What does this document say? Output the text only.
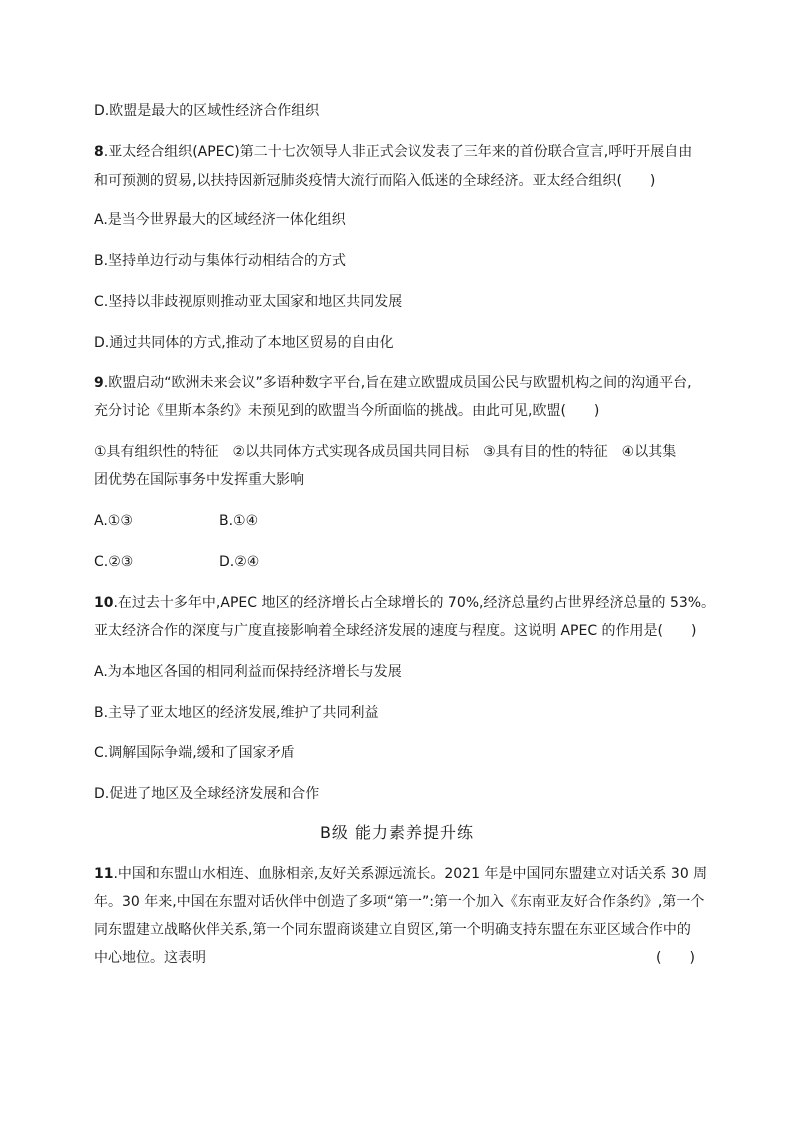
D.欧盟是最大的区域性经济合作组织
8.亚太经合组织(APEC)第二十七次领导人非正式会议发表了三年来的首份联合宣言,呼吁开展自由
和可预测的贸易,以扶持因新冠肺炎疫情大流行而陷入低迷的全球经济。亚太经合组织(　　)
A.是当今世界最大的区域经济一体化组织
B.坚持单边行动与集体行动相结合的方式
C.坚持以非歧视原则推动亚太国家和地区共同发展
D.通过共同体的方式,推动了本地区贸易的自由化
9.欧盟启动“欧洲未来会议”多语种数字平台,旨在建立欧盟成员国公民与欧盟机构之间的沟通平台,
充分讨论《里斯本条约》未预见到的欧盟当今所面临的挑战。由此可见,欧盟(　　)
①具有组织性的特征　②以共同体方式实现各成员国共同目标　③具有目的性的特征　④以其集
团优势在国际事务中发挥重大影响
A.①③	B.①④
C.②③	D.②④
10.在过去十多年中,APEC 地区的经济增长占全球增长的 70%,经济总量约占世界经济总量的 53%。
亚太经济合作的深度与广度直接影响着全球经济发展的速度与程度。这说明 APEC 的作用是(　　)
A.为本地区各国的相同利益而保持经济增长与发展
B.主导了亚太地区的经济发展,维护了共同利益
C.调解国际争端,缓和了国家矛盾
D.促进了地区及全球经济发展和合作
B级 能力素养提升练
11.中国和东盟山水相连、血脉相亲,友好关系源远流长。2021 年是中国同东盟建立对话关系 30 周
年。30 年来,中国在东盟对话伙伴中创造了多项“第一”:第一个加入《东南亚友好合作条约》,第一个
同东盟建立战略伙伴关系,第一个同东盟商谈建立自贸区,第一个明确支持东盟在东亚区域合作中的
中心地位。这表明	(　　)
